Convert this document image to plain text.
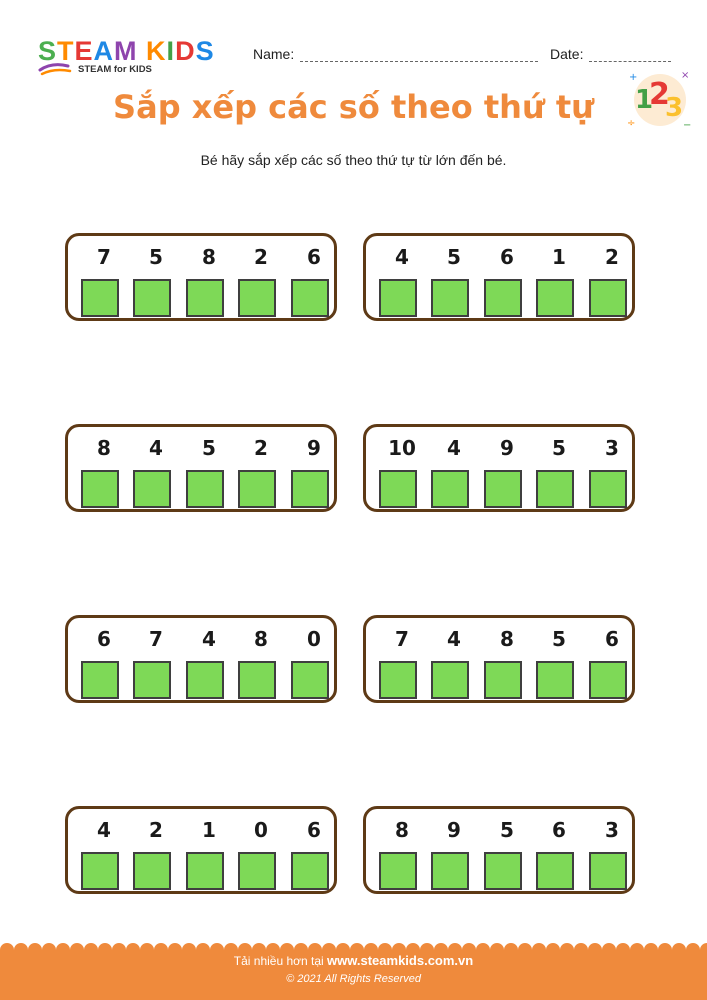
STEAM KIDS
STEAM for KIDS
Name:	Date:
1
2
3
+	×
÷	−
Sắp xếp các số theo thứ tự
Bé hãy sắp xếp các số theo thứ tự từ lớn đến bé.
7	5	8	2	6	4	5	6	1	2
8	4	5	2	9	10	4	9	5	3
6	7	4	8	0	7	4	8	5	6
4	2	1	0	6	8	9	5	6	3
Tải nhiều hơn tại www.steamkids.com.vn
© 2021 All Rights Reserved
